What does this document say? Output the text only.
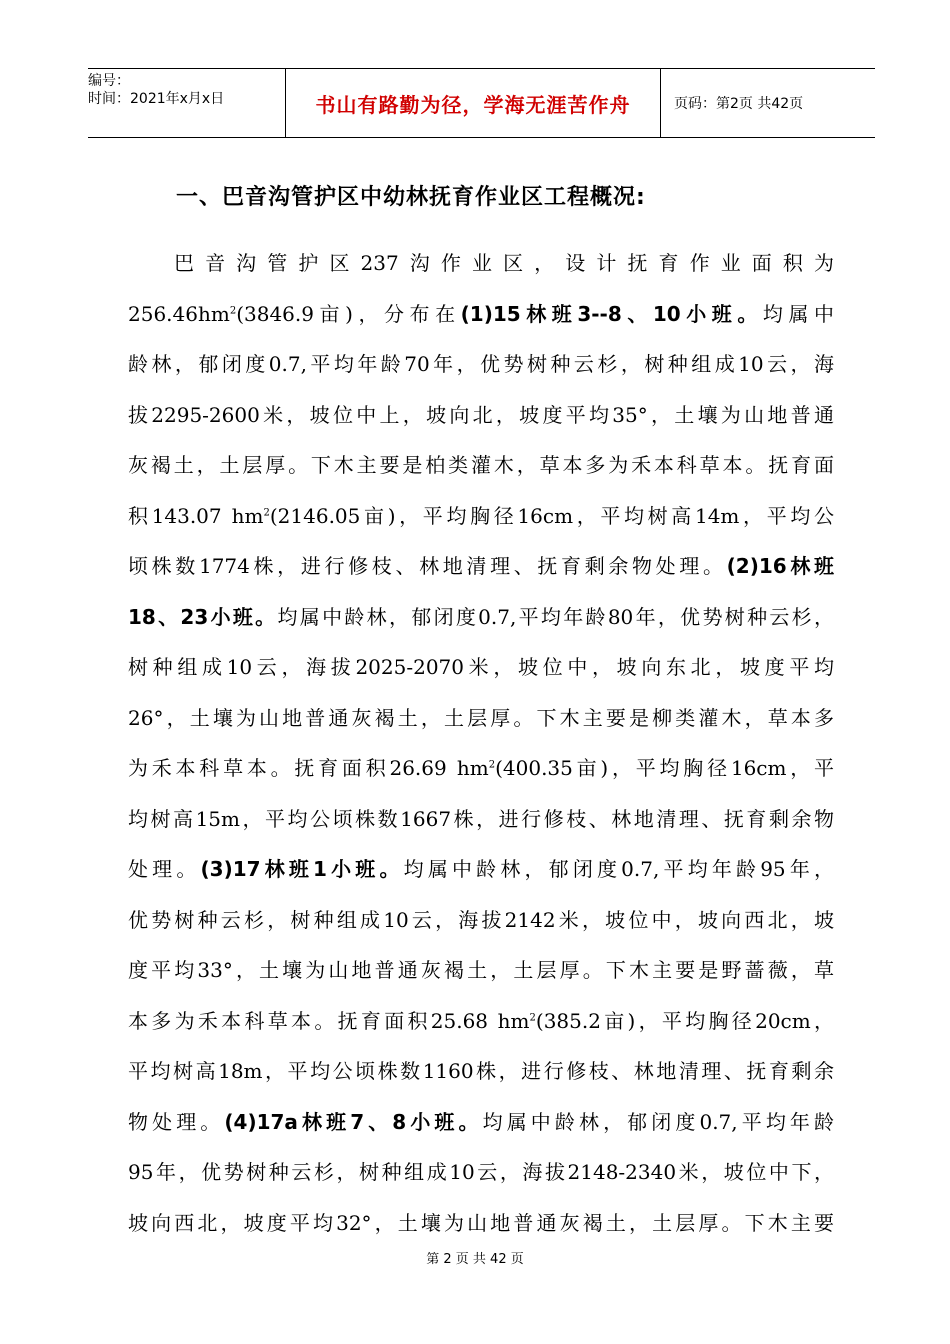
编号：
时间：2021年x月x日	书山有路勤为径，学海无涯苦作舟	页码：第2页 共42页
一、巴音沟管护区中幼林抚育作业区工程概况:
巴音沟管护区237沟作业区，设计抚育作业面积为
$256.46hm^2(3846.9$亩)，分布在(1)15林班3--8、10小班。均属中
龄林，郁闭度0.7,平均年龄70年，优势树种云杉，树种组成10云，海
拔2295-2600米，坡位中上，坡向北，坡度平均35°，土壤为山地普通
灰褐土，土层厚。下木主要是柏类灌木，草本多为禾本科草本。抚育面
积143.07 $hm^2(2146.05$亩)，平均胸径16cm，平均树高14m，平均公
顷株数1774株，进行修枝、林地清理、抚育剩余物处理。(2)16林班
18、23小班。均属中龄林，郁闭度0.7,平均年龄80年，优势树种云杉，
树种组成10云，海拔2025-2070米，坡位中，坡向东北，坡度平均
26°，土壤为山地普通灰褐土，土层厚。下木主要是柳类灌木，草本多
为禾本科草本。抚育面积26.69 $hm^2(400.35$亩)，平均胸径16cm，平
均树高15m，平均公顷株数1667株，进行修枝、林地清理、抚育剩余物
处理。(3)17林班1小班。均属中龄林，郁闭度0.7,平均年龄95年，
优势树种云杉，树种组成10云，海拔2142米，坡位中，坡向西北，坡
度平均33°，土壤为山地普通灰褐土，土层厚。下木主要是野蔷薇，草
本多为禾本科草本。抚育面积25.68 $hm^2(385.2$亩)，平均胸径20cm，
平均树高18m，平均公顷株数1160株，进行修枝、林地清理、抚育剩余
物处理。(4)17a林班7、8小班。均属中龄林，郁闭度0.7,平均年龄
95年，优势树种云杉，树种组成10云，海拔2148-2340米，坡位中下，
坡向西北，坡度平均32°，土壤为山地普通灰褐土，土层厚。下木主要
第 2 页 共 42 页
